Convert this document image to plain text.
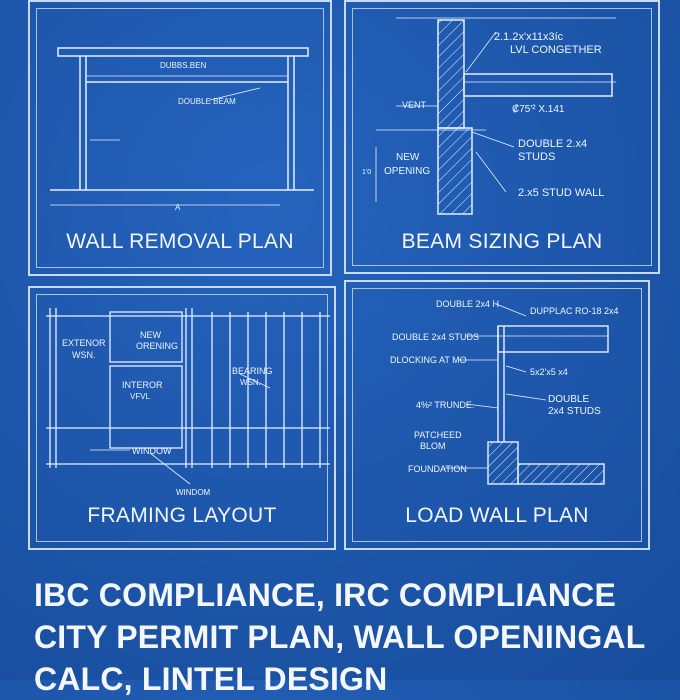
DUBBS.BEN
DOUBLE BEAM
A
WALL REMOVAL PLAN
2.1.2x'x11x3íc
LVL CONGETHER
VENT	₡75'² X.141
DOUBLE 2.x4
STUDS
NEW
OPENING
1'0
2.x5 STUD WALL
BEAM SIZING PLAN
EXTENOR
WSN.
NEW
ORENING
BEARING
WSN.
INTEROR
VFVL
WINDOW
WINDOM
FRAMING LAYOUT
DOUBLE 2x4 H
DUPPLAC RO-18 2x4
DOUBLE 2x4 STUDS
DLOCKING AT MO
5x2'x5 x4
4%² TRUNDE.	DOUBLE
2x4 STUDS
PATCHEED
BLOM
FOUNDATION
LOAD WALL PLAN
IBC COMPLIANCE, IRC COMPLIANCE
CITY PERMIT PLAN, WALL OPENINGAL
CALC, LINTEL DESIGN
